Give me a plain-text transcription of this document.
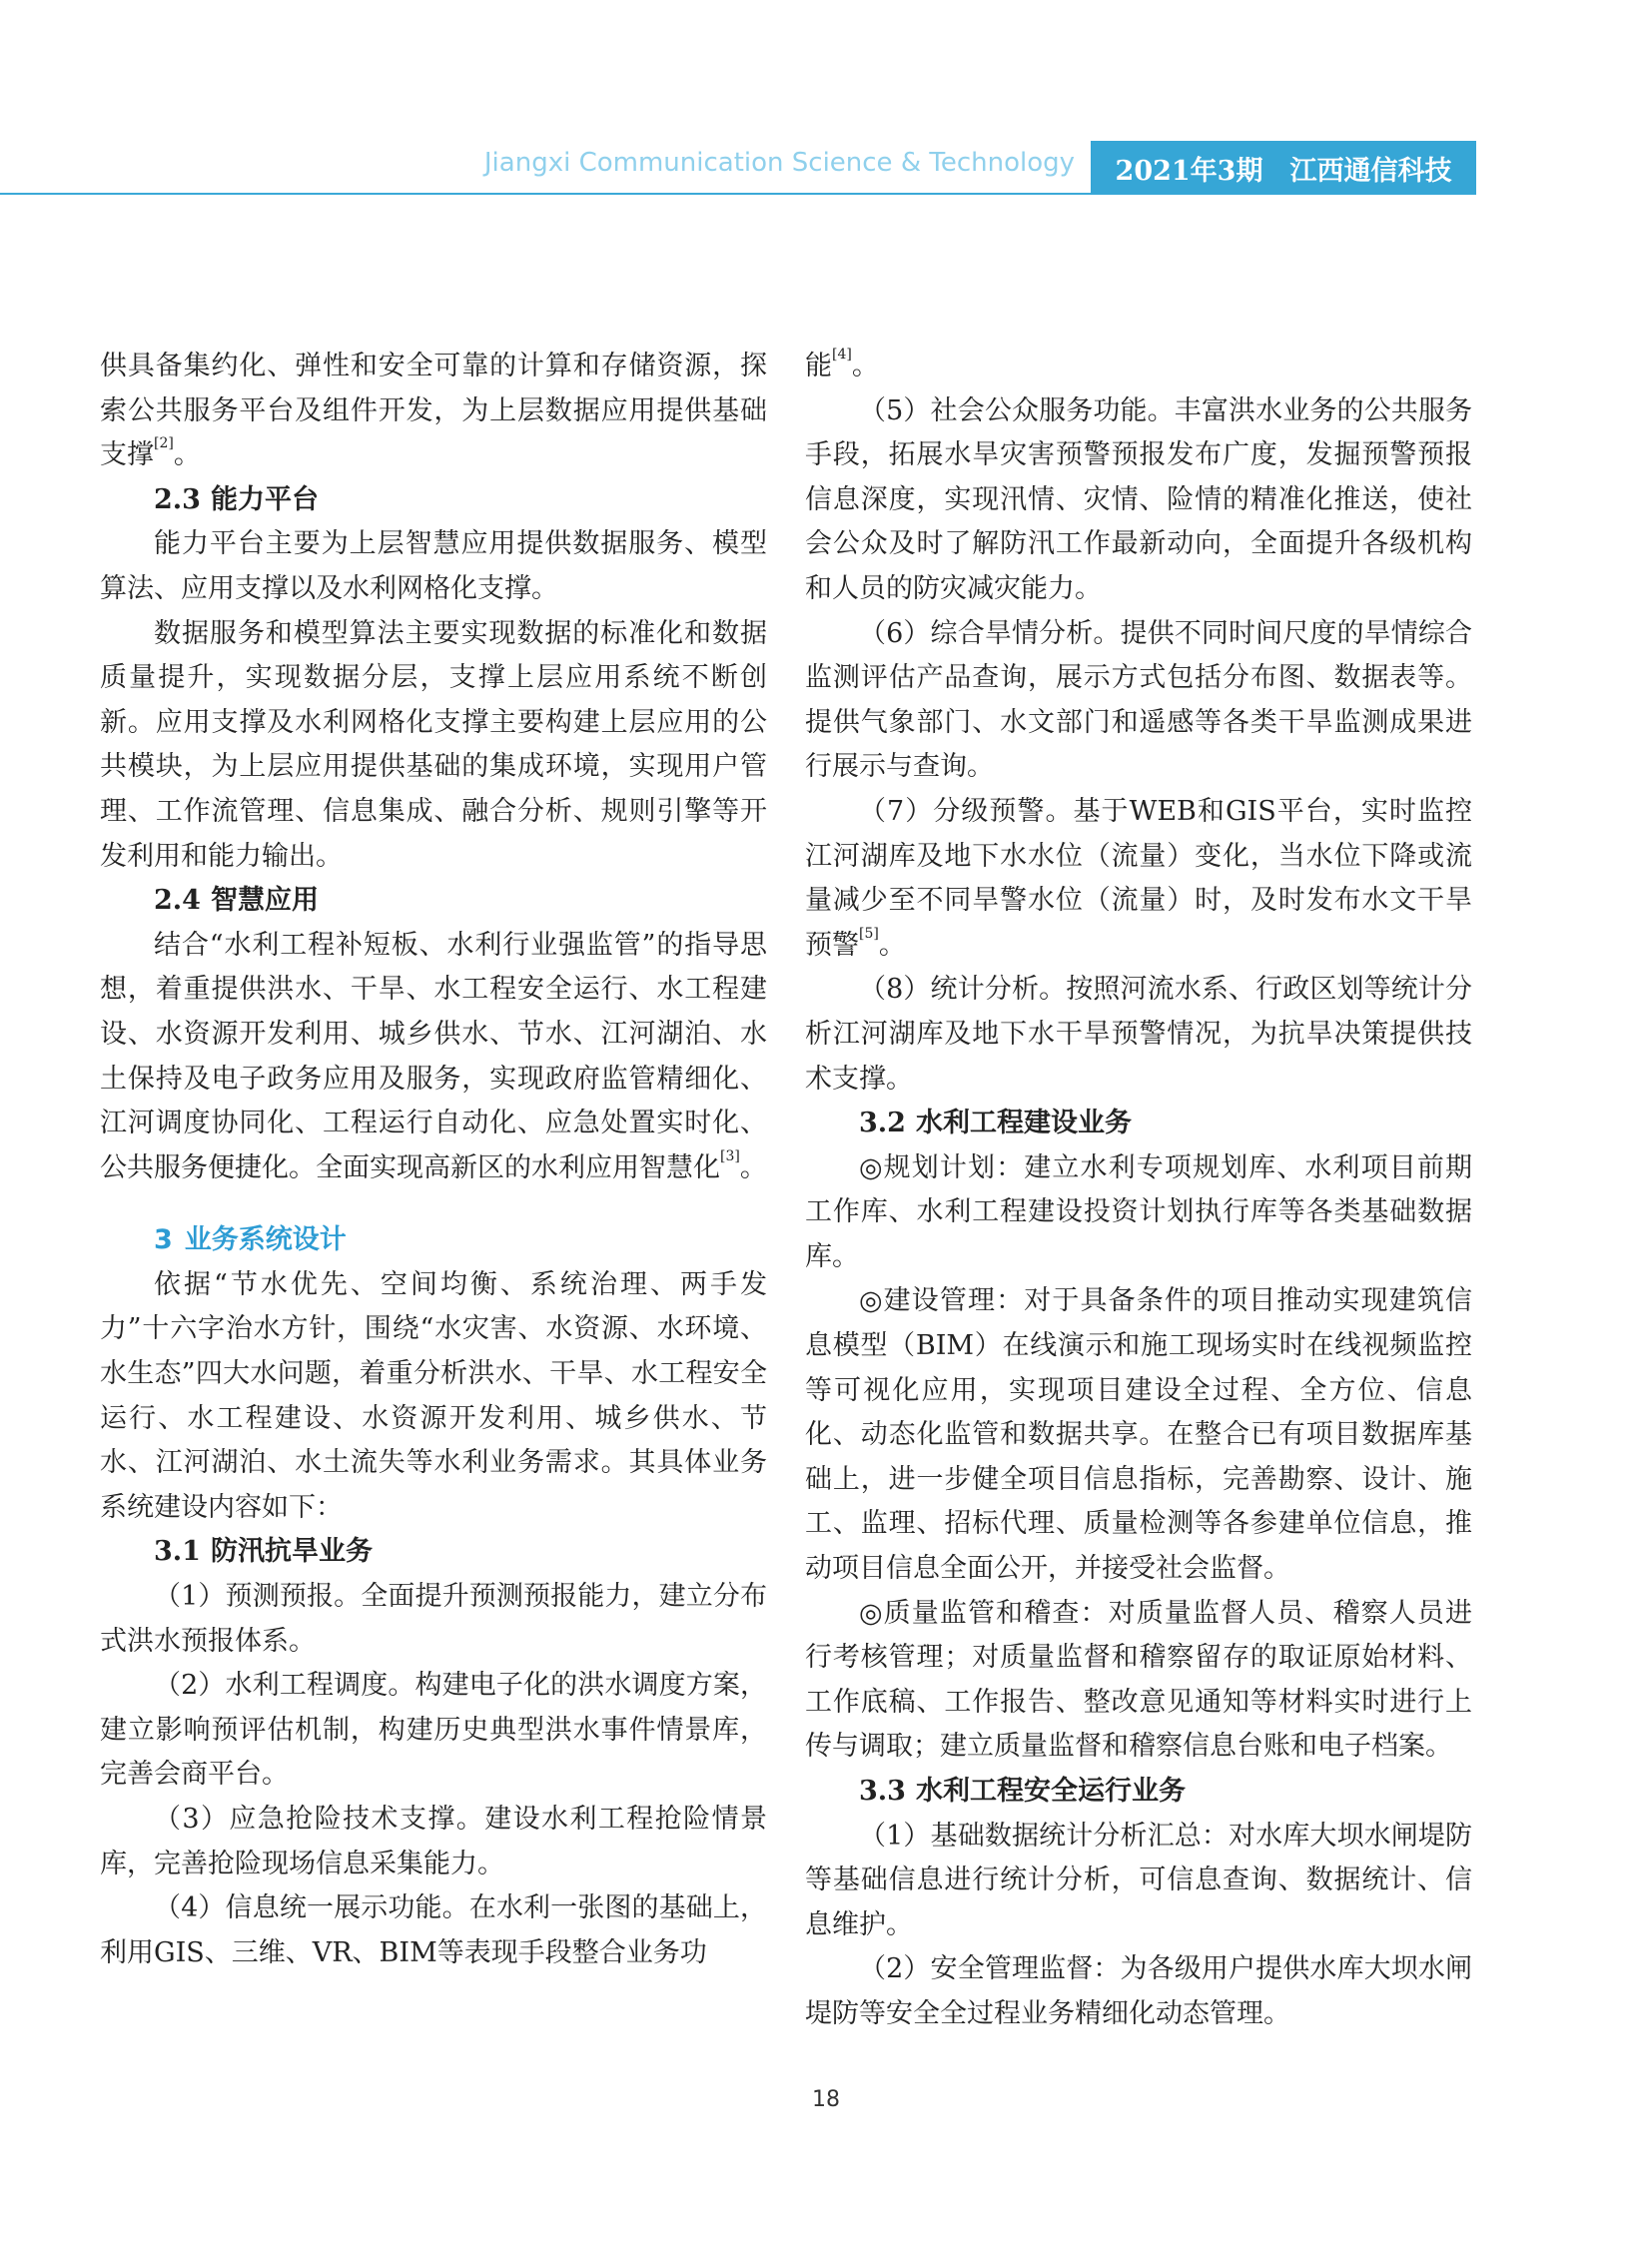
Jiangxi Communication Science & Technology	2021年3期　江西通信科技
供具备集约化、弹性和安全可靠的计算和存储资源，探索公共服务平台及组件开发，为上层数据应用提供基础支撑[2]。
2.3 能力平台
能力平台主要为上层智慧应用提供数据服务、模型算法、应用支撑以及水利网格化支撑。
数据服务和模型算法主要实现数据的标准化和数据质量提升，实现数据分层，支撑上层应用系统不断创新。应用支撑及水利网格化支撑主要构建上层应用的公共模块，为上层应用提供基础的集成环境，实现用户管理、工作流管理、信息集成、融合分析、规则引擎等开发利用和能力输出。
2.4 智慧应用
结合“水利工程补短板、水利行业强监管”的指导思想，着重提供洪水、干旱、水工程安全运行、水工程建设、水资源开发利用、城乡供水、节水、江河湖泊、水土保持及电子政务应用及服务，实现政府监管精细化、江河调度协同化、工程运行自动化、应急处置实时化、公共服务便捷化。全面实现高新区的水利应用智慧化[3]。
3 业务系统设计
依据“节水优先、空间均衡、系统治理、两手发力”十六字治水方针，围绕“水灾害、水资源、水环境、水生态”四大水问题，着重分析洪水、干旱、水工程安全运行、水工程建设、水资源开发利用、城乡供水、节水、江河湖泊、水土流失等水利业务需求。其具体业务系统建设内容如下：
3.1 防汛抗旱业务
（1）预测预报。全面提升预测预报能力，建立分布式洪水预报体系。
（2）水利工程调度。构建电子化的洪水调度方案，建立影响预评估机制，构建历史典型洪水事件情景库，完善会商平台。
（3）应急抢险技术支撑。建设水利工程抢险情景库，完善抢险现场信息采集能力。
（4）信息统一展示功能。在水利一张图的基础上，利用GIS、三维、VR、BIM等表现手段整合业务功
能[4]。
（5）社会公众服务功能。丰富洪水业务的公共服务手段，拓展水旱灾害预警预报发布广度，发掘预警预报信息深度，实现汛情、灾情、险情的精准化推送，使社会公众及时了解防汛工作最新动向，全面提升各级机构和人员的防灾减灾能力。
（6）综合旱情分析。提供不同时间尺度的旱情综合监测评估产品查询，展示方式包括分布图、数据表等。提供气象部门、水文部门和遥感等各类干旱监测成果进行展示与查询。
（7）分级预警。基于WEB和GIS平台，实时监控江河湖库及地下水水位（流量）变化，当水位下降或流量减少至不同旱警水位（流量）时，及时发布水文干旱预警[5]。
（8）统计分析。按照河流水系、行政区划等统计分析江河湖库及地下水干旱预警情况，为抗旱决策提供技术支撑。
3.2 水利工程建设业务
◎规划计划：建立水利专项规划库、水利项目前期工作库、水利工程建设投资计划执行库等各类基础数据库。
◎建设管理：对于具备条件的项目推动实现建筑信息模型（BIM）在线演示和施工现场实时在线视频监控等可视化应用，实现项目建设全过程、全方位、信息化、动态化监管和数据共享。在整合已有项目数据库基础上，进一步健全项目信息指标，完善勘察、设计、施工、监理、招标代理、质量检测等各参建单位信息，推动项目信息全面公开，并接受社会监督。
◎质量监管和稽查：对质量监督人员、稽察人员进行考核管理；对质量监督和稽察留存的取证原始材料、工作底稿、工作报告、整改意见通知等材料实时进行上传与调取；建立质量监督和稽察信息台账和电子档案。
3.3 水利工程安全运行业务
（1）基础数据统计分析汇总：对水库大坝水闸堤防等基础信息进行统计分析，可信息查询、数据统计、信息维护。
（2）安全管理监督：为各级用户提供水库大坝水闸堤防等安全全过程业务精细化动态管理。
18
